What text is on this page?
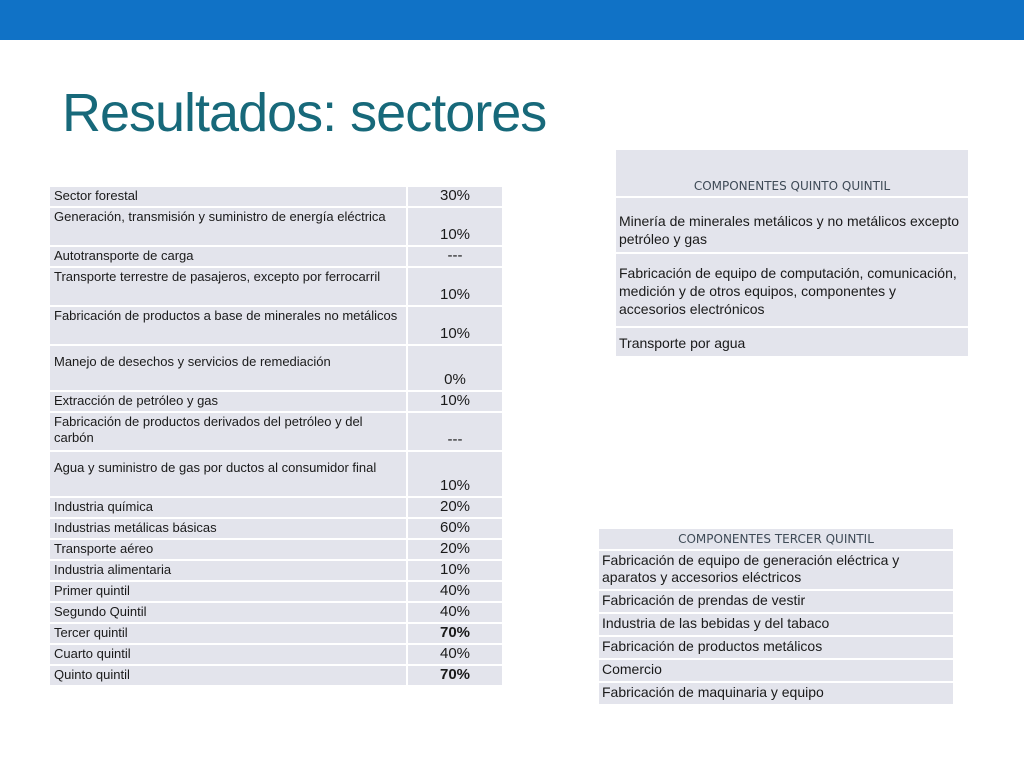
Resultados: sectores
Sector forestal	30%
Generación, transmisión y suministro de energía eléctrica	10%
Autotransporte de carga	---
Transporte terrestre de pasajeros, excepto por ferrocarril	10%
Fabricación de productos a base de minerales no metálicos	10%
Manejo de desechos y servicios de remediación	0%
Extracción de petróleo y gas	10%
Fabricación de productos derivados del petróleo y del carbón	---
Agua y suministro de gas por ductos al consumidor final	10%
Industria química	20%
Industrias metálicas básicas	60%
Transporte aéreo	20%
Industria alimentaria	10%
Primer quintil	40%
Segundo Quintil	40%
Tercer quintil	70%
Cuarto quintil	40%
Quinto quintil	70%
COMPONENTES QUINTO QUINTIL
Minería de minerales metálicos y no metálicos excepto petróleo y gas
Fabricación de equipo de computación, comunicación, medición y de otros equipos, componentes y accesorios electrónicos
Transporte por agua
COMPONENTES TERCER QUINTIL
Fabricación de equipo de generación eléctrica y aparatos y accesorios eléctricos
Fabricación de prendas de vestir
Industria de las bebidas y del tabaco
Fabricación de productos metálicos
Comercio
Fabricación de maquinaria y equipo
